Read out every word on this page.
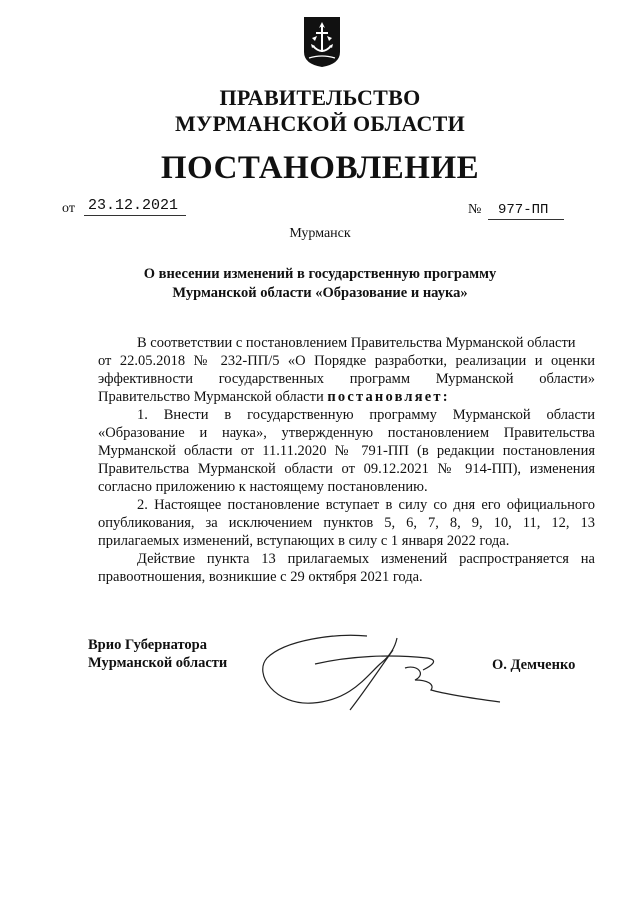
ПРАВИТЕЛЬСТВО
МУРМАНСКОЙ ОБЛАСТИ
ПОСТАНОВЛЕНИЕ
от 23.12.2021	№	977-ПП
Мурманск
О внесении изменений в государственную программу
Мурманской области «Образование и наука»
В соответствии с постановлением Правительства Мурманской области
от 22.05.2018 № 232-ПП/5 «О Порядке разработки, реализации и оценки
эффективности государственных программ Мурманской области»
Правительство Мурманской области постановляет:
1. Внести в государственную программу Мурманской области
«Образование и наука», утвержденную постановлением Правительства
Мурманской области от 11.11.2020 № 791-ПП (в редакции постановления
Правительства Мурманской области от 09.12.2021 № 914-ПП), изменения
согласно приложению к настоящему постановлению.
2. Настоящее постановление вступает в силу со дня его официального
опубликования, за исключением пунктов 5, 6, 7, 8, 9, 10, 11, 12, 13
прилагаемых изменений, вступающих в силу с 1 января 2022 года.
Действие пункта 13 прилагаемых изменений распространяется на
правоотношения, возникшие с 29 октября 2021 года.
Врио Губернатора
Мурманской области	О. Демченко
